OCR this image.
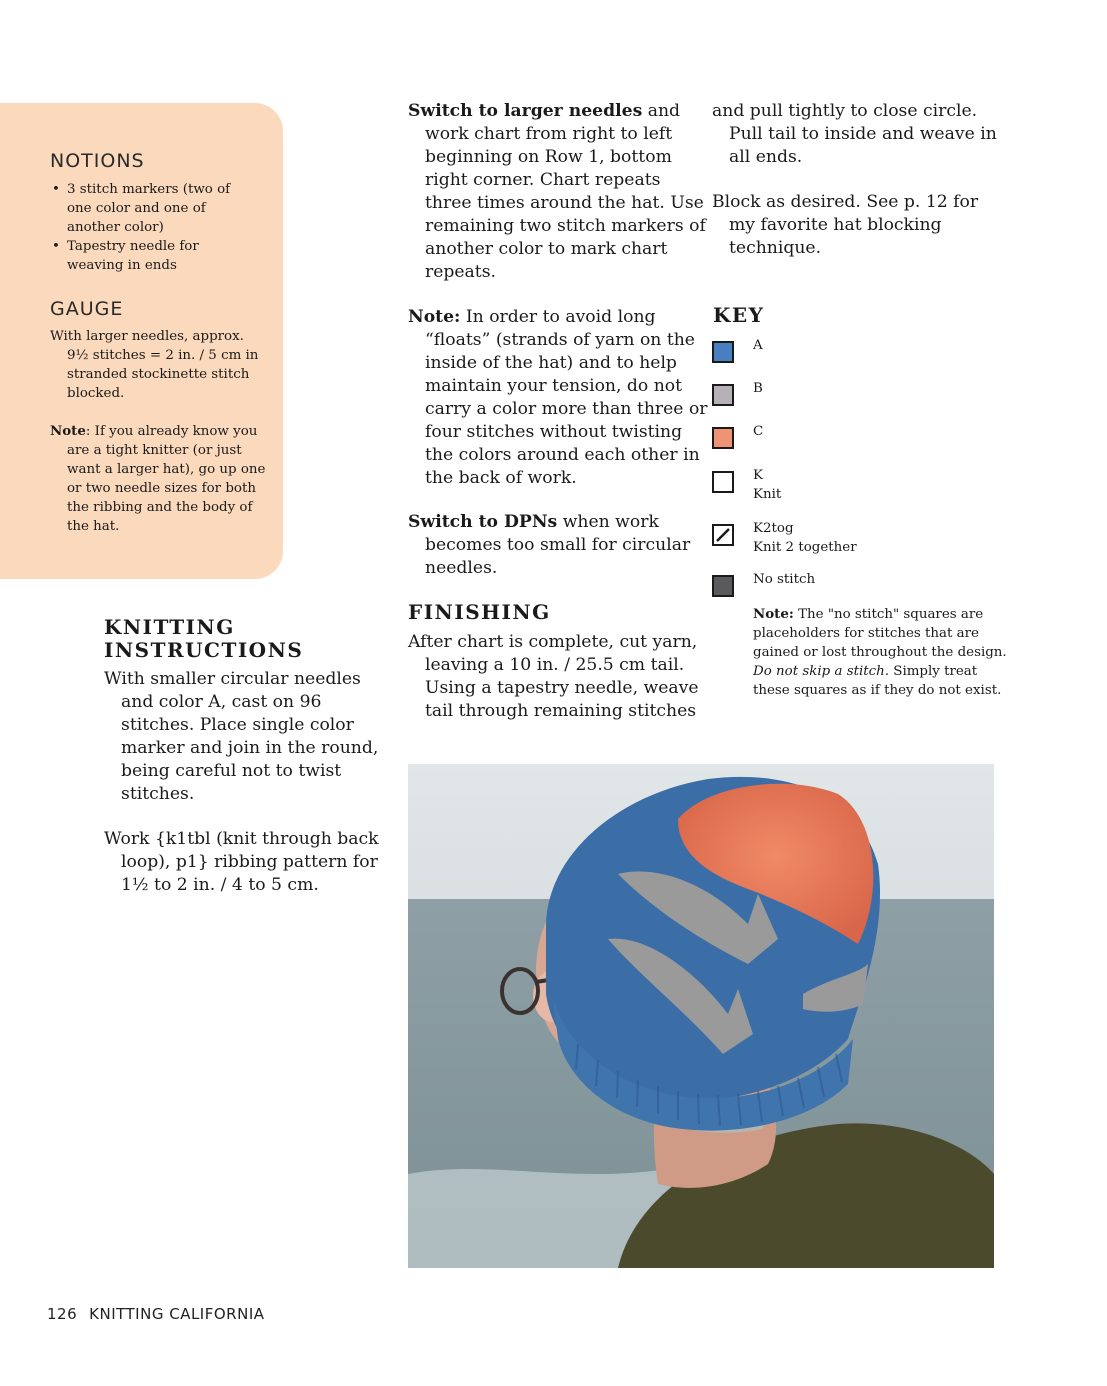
NOTIONS
• 3 stitch markers (two of one color and one of another color)
• Tapestry needle for weaving in ends
GAUGE

With larger needles, approx. 9½ stitches = 2 in. / 5 cm in stranded stockinette stitch blocked.

Note: If you already know you are a tight knitter (or just want a larger hat), go up one or two needle sizes for both the ribbing and the body of the hat.

KNITTING
INSTRUCTIONS

With smaller circular needles and color A, cast on 96 stitches. Place single color marker and join in the round, being careful not to twist stitches.

Work {k1tbl (knit through back loop), p1} ribbing pattern for 1½ to 2 in. / 4 to 5 cm.

Switch to larger needles and work chart from right to left beginning on Row 1, bottom right corner. Chart repeats three times around the hat. Use remaining two stitch markers of another color to mark chart repeats.

Note: In order to avoid long “floats” (strands of yarn on the inside of the hat) and to help maintain your tension, do not carry a color more than three or four stitches without twisting the colors around each other in the back of work.

Switch to DPNs when work becomes too small for circular needles.

FINISHING

After chart is complete, cut yarn, leaving a 10 in. / 25.5 cm tail. Using a tapestry needle, weave tail through remaining stitches

and pull tightly to close circle. Pull tail to inside and weave in all ends.

Block as desired. See p. 12 for my favorite hat blocking technique.

KEY
A
B
C
K
Knit
K2tog
Knit 2 together
No stitch

Note: The "no stitch" squares are placeholders for stitches that are gained or lost throughout the design. Do not skip a stitch. Simply treat these squares as if they do not exist.

126 KNITTING CALIFORNIA
